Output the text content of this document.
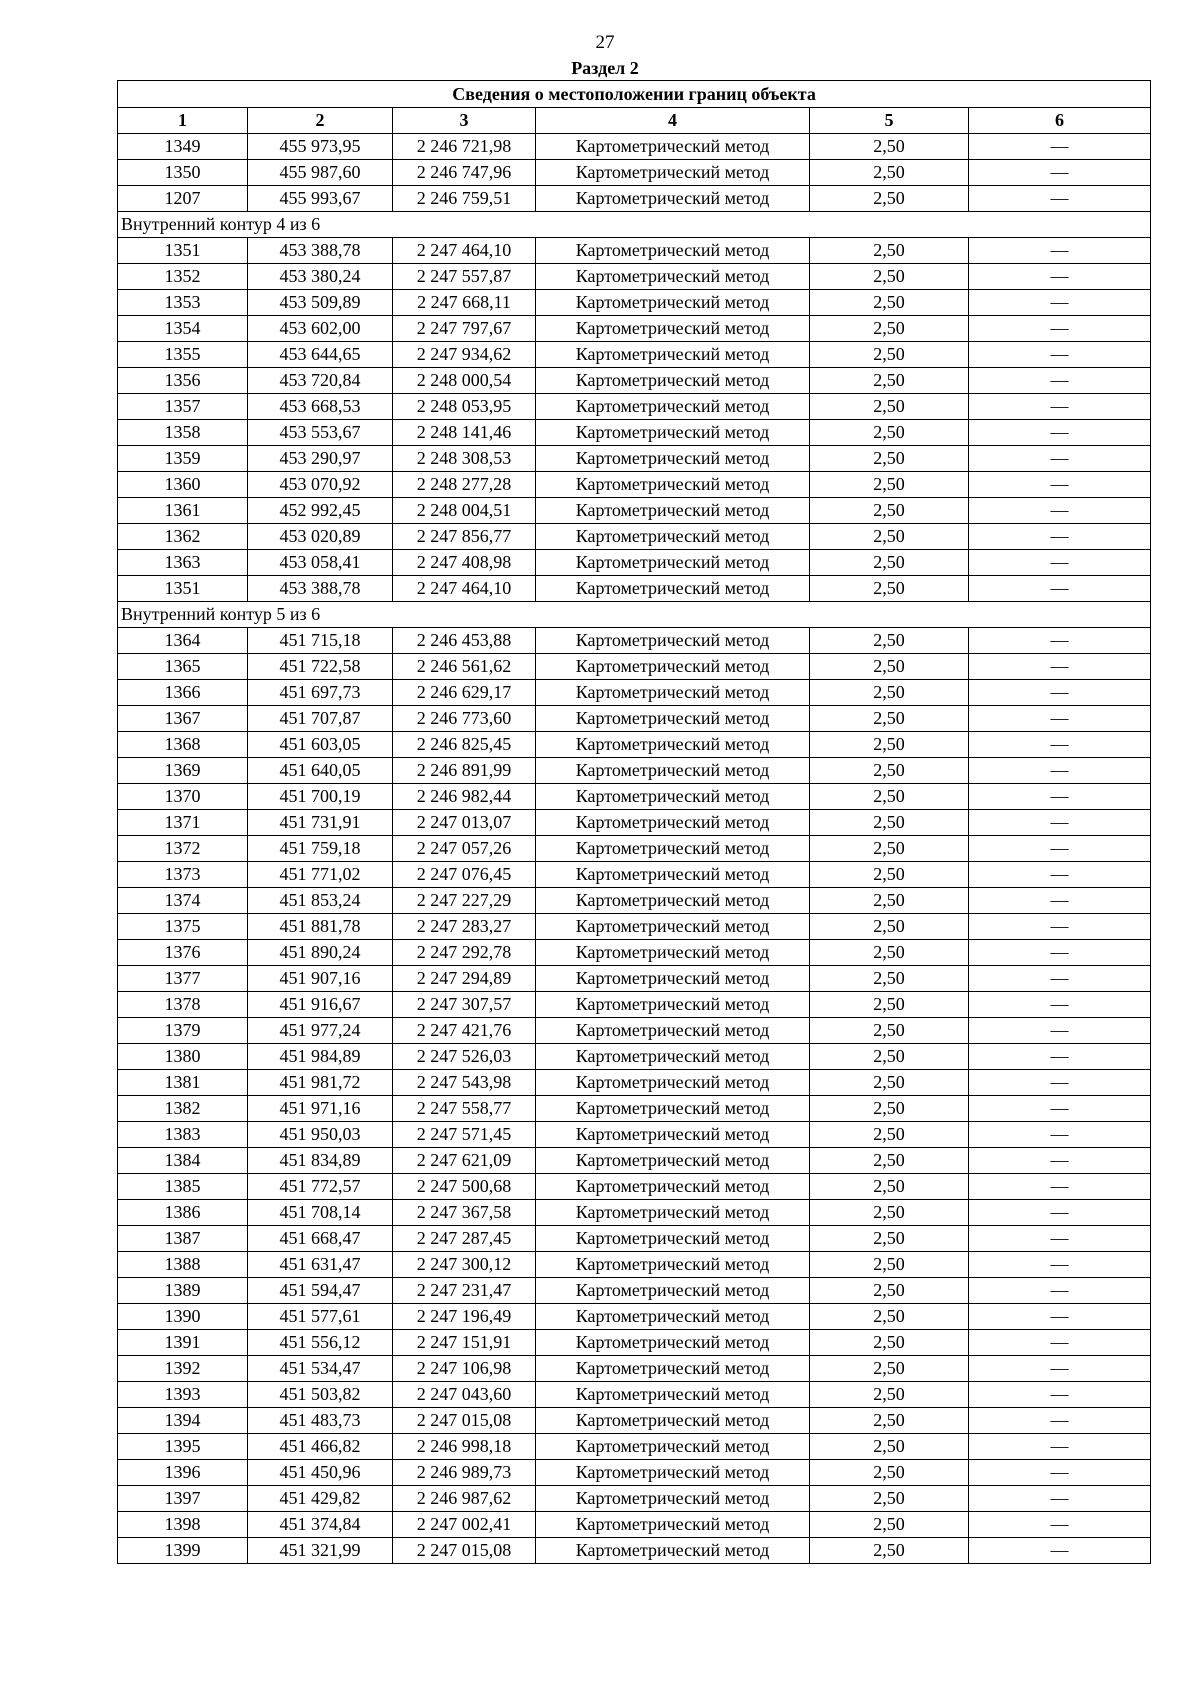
27
Раздел 2
Сведения о местоположении границ объекта					
1	2	3	4	5	6
1349	455 973,95	2 246 721,98	Картометрический метод	2,50	—
1350	455 987,60	2 246 747,96	Картометрический метод	2,50	—
1207	455 993,67	2 246 759,51	Картометрический метод	2,50	—
Внутренний контур 4 из 6					
1351	453 388,78	2 247 464,10	Картометрический метод	2,50	—
1352	453 380,24	2 247 557,87	Картометрический метод	2,50	—
1353	453 509,89	2 247 668,11	Картометрический метод	2,50	—
1354	453 602,00	2 247 797,67	Картометрический метод	2,50	—
1355	453 644,65	2 247 934,62	Картометрический метод	2,50	—
1356	453 720,84	2 248 000,54	Картометрический метод	2,50	—
1357	453 668,53	2 248 053,95	Картометрический метод	2,50	—
1358	453 553,67	2 248 141,46	Картометрический метод	2,50	—
1359	453 290,97	2 248 308,53	Картометрический метод	2,50	—
1360	453 070,92	2 248 277,28	Картометрический метод	2,50	—
1361	452 992,45	2 248 004,51	Картометрический метод	2,50	—
1362	453 020,89	2 247 856,77	Картометрический метод	2,50	—
1363	453 058,41	2 247 408,98	Картометрический метод	2,50	—
1351	453 388,78	2 247 464,10	Картометрический метод	2,50	—
Внутренний контур 5 из 6					
1364	451 715,18	2 246 453,88	Картометрический метод	2,50	—
1365	451 722,58	2 246 561,62	Картометрический метод	2,50	—
1366	451 697,73	2 246 629,17	Картометрический метод	2,50	—
1367	451 707,87	2 246 773,60	Картометрический метод	2,50	—
1368	451 603,05	2 246 825,45	Картометрический метод	2,50	—
1369	451 640,05	2 246 891,99	Картометрический метод	2,50	—
1370	451 700,19	2 246 982,44	Картометрический метод	2,50	—
1371	451 731,91	2 247 013,07	Картометрический метод	2,50	—
1372	451 759,18	2 247 057,26	Картометрический метод	2,50	—
1373	451 771,02	2 247 076,45	Картометрический метод	2,50	—
1374	451 853,24	2 247 227,29	Картометрический метод	2,50	—
1375	451 881,78	2 247 283,27	Картометрический метод	2,50	—
1376	451 890,24	2 247 292,78	Картометрический метод	2,50	—
1377	451 907,16	2 247 294,89	Картометрический метод	2,50	—
1378	451 916,67	2 247 307,57	Картометрический метод	2,50	—
1379	451 977,24	2 247 421,76	Картометрический метод	2,50	—
1380	451 984,89	2 247 526,03	Картометрический метод	2,50	—
1381	451 981,72	2 247 543,98	Картометрический метод	2,50	—
1382	451 971,16	2 247 558,77	Картометрический метод	2,50	—
1383	451 950,03	2 247 571,45	Картометрический метод	2,50	—
1384	451 834,89	2 247 621,09	Картометрический метод	2,50	—
1385	451 772,57	2 247 500,68	Картометрический метод	2,50	—
1386	451 708,14	2 247 367,58	Картометрический метод	2,50	—
1387	451 668,47	2 247 287,45	Картометрический метод	2,50	—
1388	451 631,47	2 247 300,12	Картометрический метод	2,50	—
1389	451 594,47	2 247 231,47	Картометрический метод	2,50	—
1390	451 577,61	2 247 196,49	Картометрический метод	2,50	—
1391	451 556,12	2 247 151,91	Картометрический метод	2,50	—
1392	451 534,47	2 247 106,98	Картометрический метод	2,50	—
1393	451 503,82	2 247 043,60	Картометрический метод	2,50	—
1394	451 483,73	2 247 015,08	Картометрический метод	2,50	—
1395	451 466,82	2 246 998,18	Картометрический метод	2,50	—
1396	451 450,96	2 246 989,73	Картометрический метод	2,50	—
1397	451 429,82	2 246 987,62	Картометрический метод	2,50	—
1398	451 374,84	2 247 002,41	Картометрический метод	2,50	—
1399	451 321,99	2 247 015,08	Картометрический метод	2,50	—
